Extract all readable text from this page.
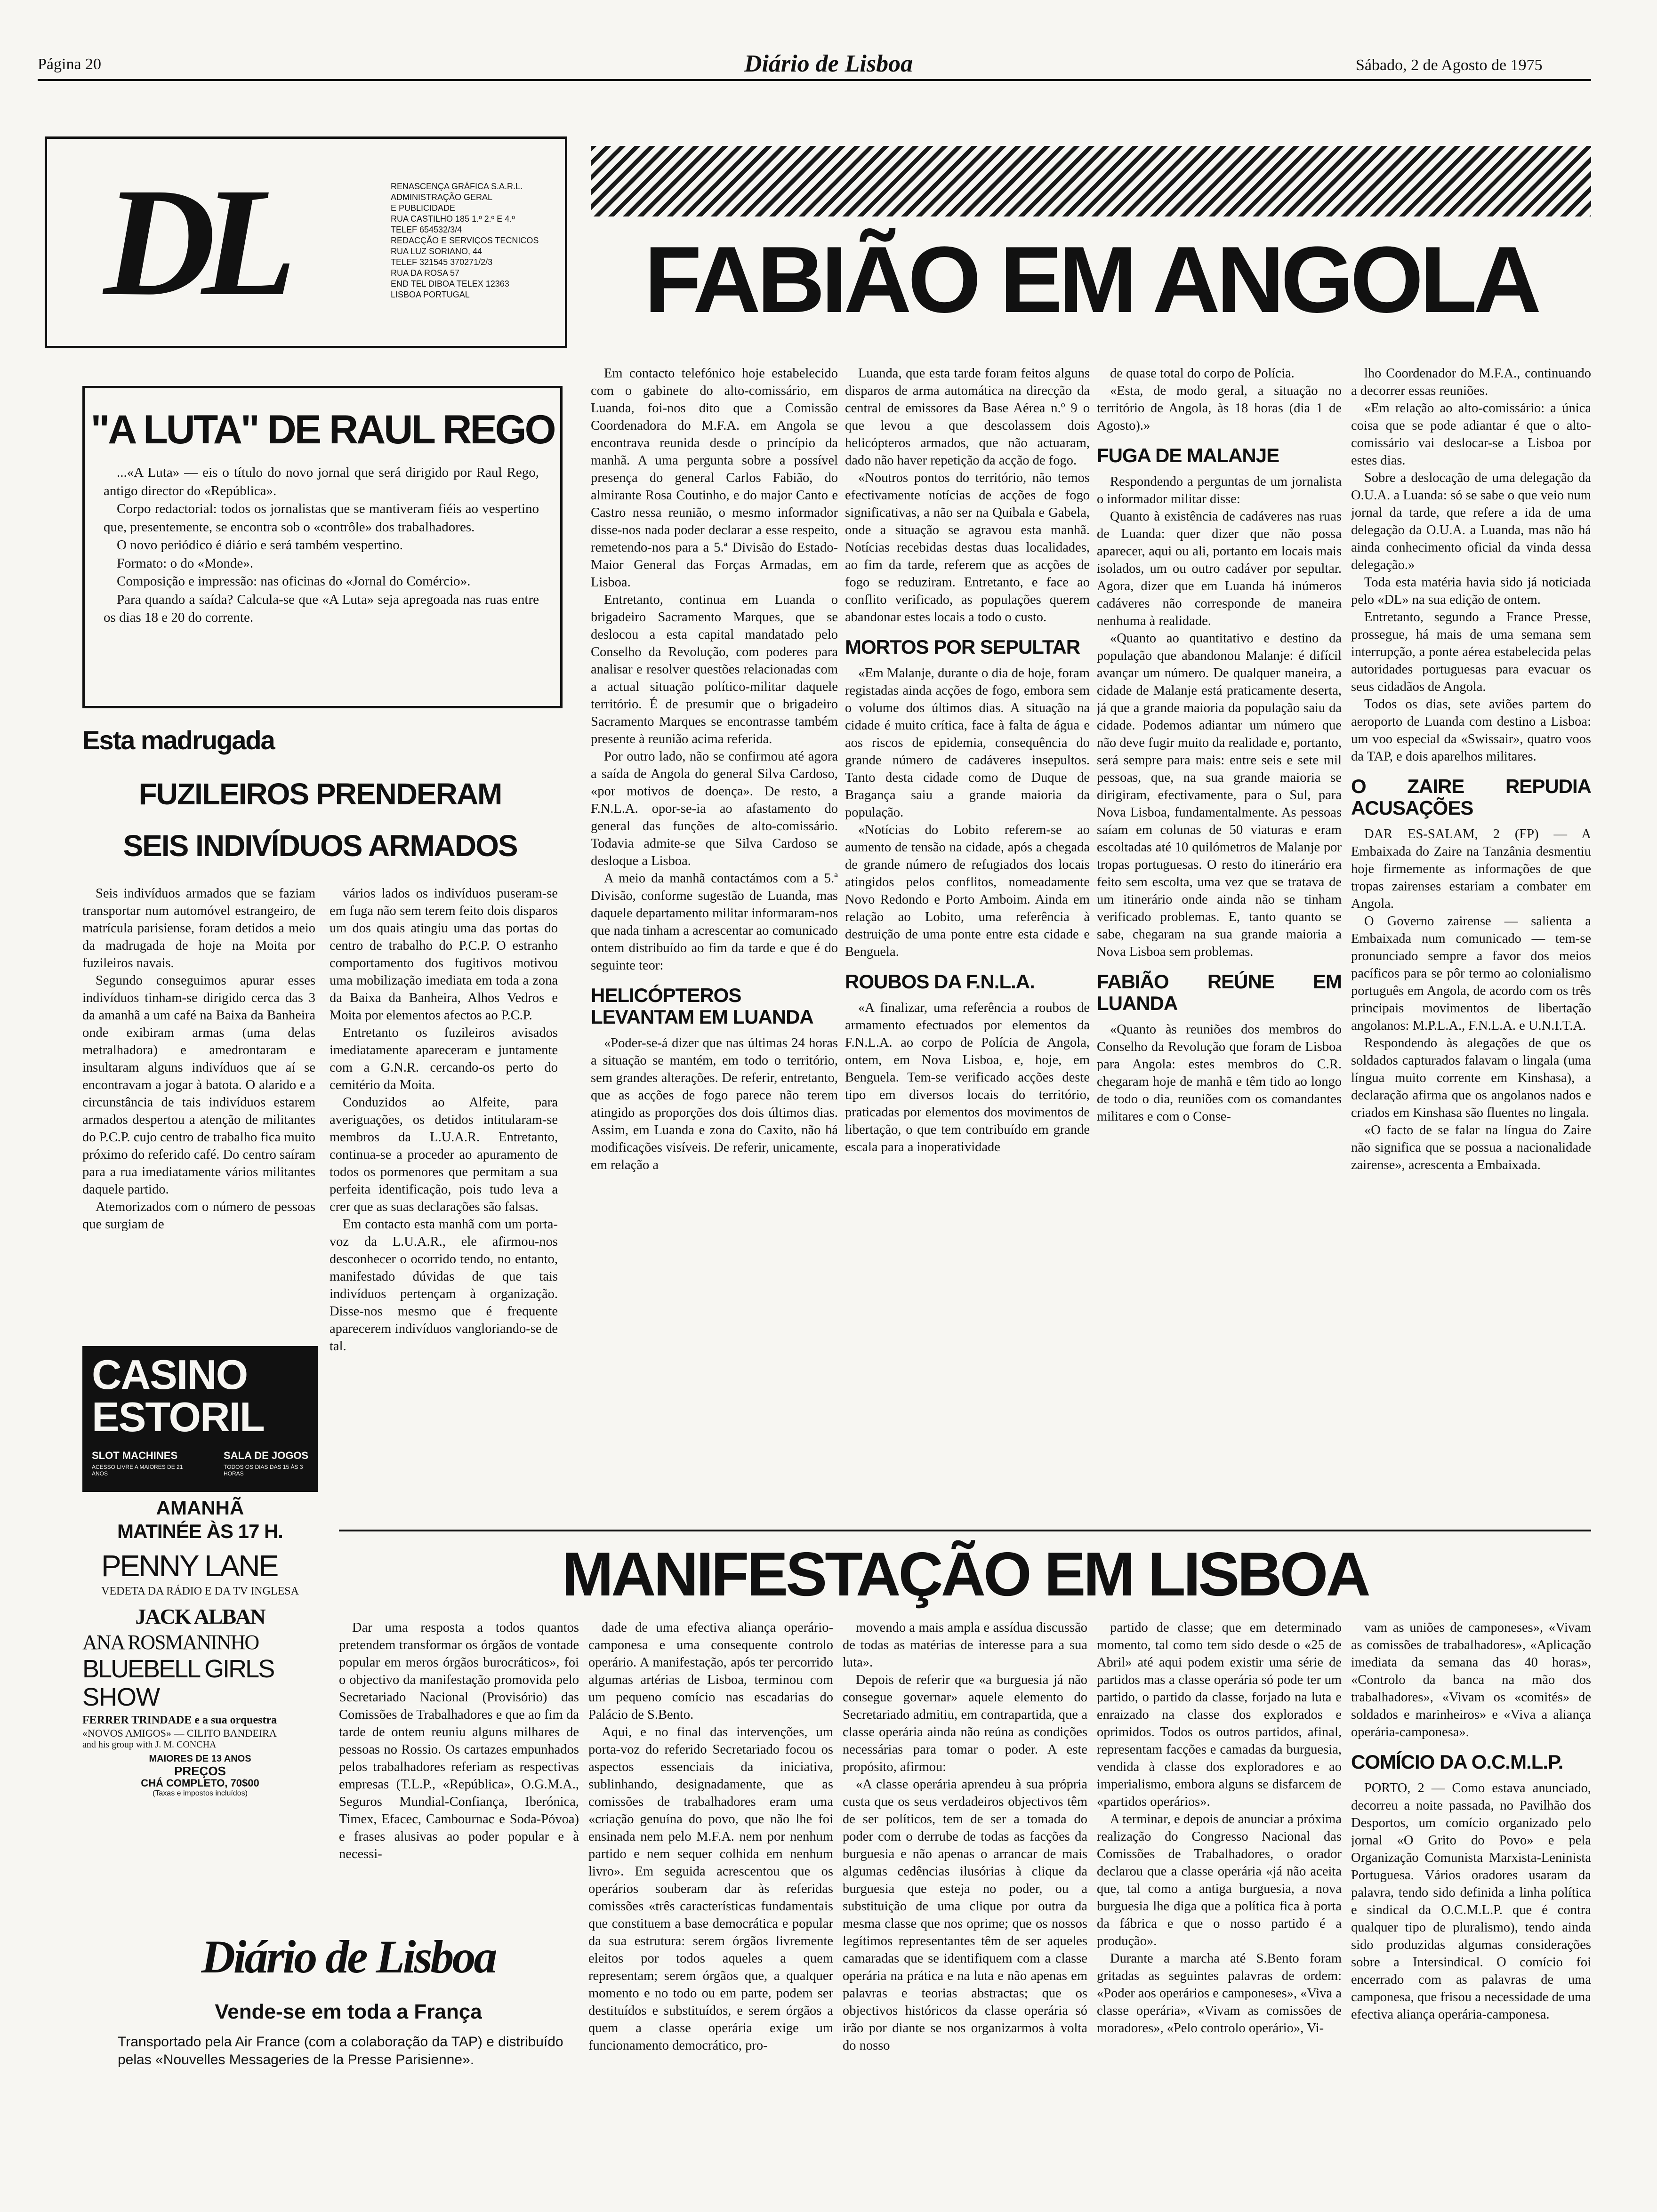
Página 20	Diário de Lisboa	Sábado, 2 de Agosto de 1975
DL	RENASCENÇA GRÁFICA S.A.R.L.
ADMINISTRAÇÃO GERAL
E PUBLICIDADE
RUA CASTILHO 185 1.º 2.º E 4.º
TELEF 654532/3/4
REDACÇÃO E SERVIÇOS TECNICOS
RUA LUZ SORIANO, 44
TELEF 321545 370271/2/3
RUA DA ROSA 57
END TEL DIBOA TELEX 12363
LISBOA PORTUGAL
"A LUTA" DE RAUL REGO

...«A Luta» — eis o título do novo jornal que será dirigido por Raul Rego, antigo director do «República».

Corpo redactorial: todos os jornalistas que se mantiveram fiéis ao vespertino que, presentemente, se encontra sob o «contrôle» dos trabalhadores.

O novo periódico é diário e será também vespertino.

Formato: o do «Monde».

Composição e impressão: nas oficinas do «Jornal do Comércio».

Para quando a saída? Calcula-se que «A Luta» seja apregoada nas ruas entre os dias 18 e 20 do corrente.

Esta madrugada
FUZILEIROS PRENDERAM
SEIS INDIVÍDUOS ARMADOS

Seis indivíduos armados que se faziam transportar num automóvel estrangeiro, de matrícula parisiense, foram detidos a meio da madrugada de hoje na Moita por fuzileiros navais.

Segundo conseguimos apurar esses indivíduos tinham-se dirigido cerca das 3 da amanhã a um café na Baixa da Banheira onde exibiram armas (uma delas metralhadora) e amedrontaram e insultaram alguns indivíduos que aí se encontravam a jogar à batota. O alarido e a circunstância de tais indivíduos estarem armados despertou a atenção de militantes do P.C.P. cujo centro de trabalho fica muito próximo do referido café. Do centro saíram para a rua imediatamente vários militantes daquele partido.

Atemorizados com o número de pessoas que surgiam de

vários lados os indivíduos puseram-se em fuga não sem terem feito dois disparos um dos quais atingiu uma das portas do centro de trabalho do P.C.P. O estranho comportamento dos fugitivos motivou uma mobilização imediata em toda a zona da Baixa da Banheira, Alhos Vedros e Moita por elementos afectos ao P.C.P.

Entretanto os fuzileiros avisados imediatamente apareceram e juntamente com a G.N.R. cercando-os perto do cemitério da Moita.

Conduzidos ao Alfeite, para averiguações, os detidos intitularam-se membros da L.U.A.R. Entretanto, continua-se a proceder ao apuramento de todos os pormenores que permitam a sua perfeita identificação, pois tudo leva a crer que as suas declarações são falsas.

Em contacto esta manhã com um porta-voz da L.U.A.R., ele afirmou-nos desconhecer o ocorrido tendo, no entanto, manifestado dúvidas de que tais indivíduos pertençam à organização. Disse-nos mesmo que é frequente aparecerem indivíduos vangloriando-se de tal.

CASINO
ESTORIL
SLOT MACHINES
ACESSO LIVRE A MAIORES DE 21 ANOS
SALA DE JOGOS
TODOS OS DIAS DAS 15 ÀS 3 HORAS
AMANHÃ
MATINÉE ÀS 17 H.
PENNY LANE
VEDETA DA RÁDIO E DA TV INGLESA
JACK ALBAN
ANA ROSMANINHO
BLUEBELL GIRLS
SHOW
FERRER TRINDADE e a sua orquestra
«NOVOS AMIGOS» — CILITO BANDEIRA
and his group with J. M. CONCHA
MAIORES DE 13 ANOS
PREÇOS
CHÁ COMPLETO, 70$00
(Taxas e impostos incluídos)
Diário de Lisboa
Vende-se em toda a França
Transportado pela Air France (com a colaboração da TAP) e distribuído pelas «Nouvelles Messageries de la Presse Parisienne».
FABIÃO EM ANGOLA

Em contacto telefónico hoje estabelecido com o gabinete do alto-comissário, em Luanda, foi-nos dito que a Comissão Coordenadora do M.F.A. em Angola se encontrava reunida desde o princípio da manhã. A uma pergunta sobre a possível presença do general Carlos Fabião, do almirante Rosa Coutinho, e do major Canto e Castro nessa reunião, o mesmo informador disse-nos nada poder declarar a esse respeito, remetendo-nos para a 5.ª Divisão do Estado-Maior General das Forças Armadas, em Lisboa.

Entretanto, continua em Luanda o brigadeiro Sacramento Marques, que se deslocou a esta capital mandatado pelo Conselho da Revolução, com poderes para analisar e resolver questões relacionadas com a actual situação político-militar daquele território. É de presumir que o brigadeiro Sacramento Marques se encontrasse também presente à reunião acima referida.

Por outro lado, não se confirmou até agora a saída de Angola do general Silva Cardoso, «por motivos de doença». De resto, a F.N.L.A. opor-se-ia ao afastamento do general das funções de alto-comissário. Todavia admite-se que Silva Cardoso se desloque a Lisboa.

A meio da manhã contactámos com a 5.ª Divisão, conforme sugestão de Luanda, mas daquele departamento militar informaram-nos que nada tinham a acrescentar ao comunicado ontem distribuído ao fim da tarde e que é do seguinte teor:

HELICÓPTEROS LEVANTAM EM LUANDA

«Poder-se-á dizer que nas últimas 24 horas a situação se mantém, em todo o território, sem grandes alterações. De referir, entretanto, que as acções de fogo parece não terem atingido as proporções dos dois últimos dias. Assim, em Luanda e zona do Caxito, não há modificações visíveis. De referir, unicamente, em relação a

Luanda, que esta tarde foram feitos alguns disparos de arma automática na direcção da central de emissores da Base Aérea n.º 9 o que levou a que descolassem dois helicópteros armados, que não actuaram, dado não haver repetição da acção de fogo.

«Noutros pontos do território, não temos efectivamente notícias de acções de fogo significativas, a não ser na Quibala e Gabela, onde a situação se agravou esta manhã. Notícias recebidas destas duas localidades, ao fim da tarde, referem que as acções de fogo se reduziram. Entretanto, e face ao conflito verificado, as populações querem abandonar estes locais a todo o custo.

MORTOS POR SEPULTAR

«Em Malanje, durante o dia de hoje, foram registadas ainda acções de fogo, embora sem o volume dos últimos dias. A situação na cidade é muito crítica, face à falta de água e aos riscos de epidemia, consequência do grande número de cadáveres insepultos. Tanto desta cidade como de Duque de Bragança saiu a grande maioria da população.

«Notícias do Lobito referem-se ao aumento de tensão na cidade, após a chegada de grande número de refugiados dos locais atingidos pelos conflitos, nomeadamente Novo Redondo e Porto Amboim. Ainda em relação ao Lobito, uma referência à destruição de uma ponte entre esta cidade e Benguela.

ROUBOS DA F.N.L.A.

«A finalizar, uma referência a roubos de armamento efectuados por elementos da F.N.L.A. ao corpo de Polícia de Angola, ontem, em Nova Lisboa, e, hoje, em Benguela. Tem-se verificado acções deste tipo em diversos locais do território, praticadas por elementos dos movimentos de libertação, o que tem contribuído em grande escala para a inoperatividade

de quase total do corpo de Polícia.

«Esta, de modo geral, a situação no território de Angola, às 18 horas (dia 1 de Agosto).»

FUGA DE MALANJE

Respondendo a perguntas de um jornalista o informador militar disse:

Quanto à existência de cadáveres nas ruas de Luanda: quer dizer que não possa aparecer, aqui ou ali, portanto em locais mais isolados, um ou outro cadáver por sepultar. Agora, dizer que em Luanda há inúmeros cadáveres não corresponde de maneira nenhuma à realidade.

«Quanto ao quantitativo e destino da população que abandonou Malanje: é difícil avançar um número. De qualquer maneira, a cidade de Malanje está praticamente deserta, já que a grande maioria da população saiu da cidade. Podemos adiantar um número que não deve fugir muito da realidade e, portanto, será sempre para mais: entre seis e sete mil pessoas, que, na sua grande maioria se dirigiram, efectivamente, para o Sul, para Nova Lisboa, fundamentalmente. As pessoas saíam em colunas de 50 viaturas e eram escoltadas até 10 quilómetros de Malanje por tropas portuguesas. O resto do itinerário era feito sem escolta, uma vez que se tratava de um itinerário onde ainda não se tinham verificado problemas. E, tanto quanto se sabe, chegaram na sua grande maioria a Nova Lisboa sem problemas.

FABIÃO REÚNE EM LUANDA

«Quanto às reuniões dos membros do Conselho da Revolução que foram de Lisboa para Angola: estes membros do C.R. chegaram hoje de manhã e têm tido ao longo de todo o dia, reuniões com os comandantes militares e com o Conse-

lho Coordenador do M.F.A., continuando a decorrer essas reuniões.

«Em relação ao alto-comissário: a única coisa que se pode adiantar é que o alto-comissário vai deslocar-se a Lisboa por estes dias.

Sobre a deslocação de uma delegação da O.U.A. a Luanda: só se sabe o que veio num jornal da tarde, que refere a ida de uma delegação da O.U.A. a Luanda, mas não há ainda conhecimento oficial da vinda dessa delegação.»

Toda esta matéria havia sido já noticiada pelo «DL» na sua edição de ontem.

Entretanto, segundo a France Presse, prossegue, há mais de uma semana sem interrupção, a ponte aérea estabelecida pelas autoridades portuguesas para evacuar os seus cidadãos de Angola.

Todos os dias, sete aviões partem do aeroporto de Luanda com destino a Lisboa: um voo especial da «Swissair», quatro voos da TAP, e dois aparelhos militares.

O ZAIRE REPUDIA ACUSAÇÕES

DAR ES-SALAM, 2 (FP) — A Embaixada do Zaire na Tanzânia desmentiu hoje firmemente as informações de que tropas zairenses estariam a combater em Angola.

O Governo zairense — salienta a Embaixada num comunicado — tem-se pronunciado sempre a favor dos meios pacíficos para se pôr termo ao colonialismo português em Angola, de acordo com os três principais movimentos de libertação angolanos: M.P.L.A., F.N.L.A. e U.N.I.T.A.

Respondendo às alegações de que os soldados capturados falavam o lingala (uma língua muito corrente em Kinshasa), a declaração afirma que os angolanos nados e criados em Kinshasa são fluentes no lingala.

«O facto de se falar na língua do Zaire não significa que se possua a nacionalidade zairense», acrescenta a Embaixada.

MANIFESTAÇÃO EM LISBOA

Dar uma resposta a todos quantos pretendem transformar os órgãos de vontade popular em meros órgãos burocráticos», foi o objectivo da manifestação promovida pelo Secretariado Nacional (Provisório) das Comissões de Trabalhadores e que ao fim da tarde de ontem reuniu alguns milhares de pessoas no Rossio. Os cartazes empunhados pelos trabalhadores referiam as respectivas empresas (T.L.P., «República», O.G.M.A., Seguros Mundial-Confiança, Iberónica, Timex, Efacec, Cambournac e Soda-Póvoa) e frases alusivas ao poder popular e à necessi-

dade de uma efectiva aliança operário-camponesa e uma consequente controlo operário. A manifestação, após ter percorrido algumas artérias de Lisboa, terminou com um pequeno comício nas escadarias do Palácio de S.Bento.

Aqui, e no final das intervenções, um porta-voz do referido Secretariado focou os aspectos essenciais da iniciativa, sublinhando, designadamente, que as comissões de trabalhadores eram uma «criação genuína do povo, que não lhe foi ensinada nem pelo M.F.A. nem por nenhum partido e nem sequer colhida em nenhum livro». Em seguida acrescentou que os operários souberam dar às referidas comissões «três características fundamentais que constituem a base democrática e popular da sua estrutura: serem órgãos livremente eleitos por todos aqueles a quem representam; serem órgãos que, a qualquer momento e no todo ou em parte, podem ser destituídos e substituídos, e serem órgãos a quem a classe operária exige um funcionamento democrático, pro-

movendo a mais ampla e assídua discussão de todas as matérias de interesse para a sua luta».

Depois de referir que «a burguesia já não consegue governar» aquele elemento do Secretariado admitiu, em contrapartida, que a classe operária ainda não reúna as condições necessárias para tomar o poder. A este propósito, afirmou:

«A classe operária aprendeu à sua própria custa que os seus verdadeiros objectivos têm de ser políticos, tem de ser a tomada do poder com o derrube de todas as facções da burguesia e não apenas o arrancar de mais algumas cedências ilusórias à clique da burguesia que esteja no poder, ou a substituição de uma clique por outra da mesma classe que nos oprime; que os nossos legítimos representantes têm de ser aqueles camaradas que se identifiquem com a classe operária na prática e na luta e não apenas em palavras e teorias abstractas; que os objectivos históricos da classe operária só irão por diante se nos organizarmos à volta do nosso

partido de classe; que em determinado momento, tal como tem sido desde o «25 de Abril» até aqui podem existir uma série de partidos mas a classe operária só pode ter um partido, o partido da classe, forjado na luta e enraizado na classe dos explorados e oprimidos. Todos os outros partidos, afinal, representam facções e camadas da burguesia, vendida à classe dos exploradores e ao imperialismo, embora alguns se disfarcem de «partidos operários».

A terminar, e depois de anunciar a próxima realização do Congresso Nacional das Comissões de Trabalhadores, o orador declarou que a classe operária «já não aceita que, tal como a antiga burguesia, a nova burguesia lhe diga que a política fica à porta da fábrica e que o nosso partido é a produção».

Durante a marcha até S.Bento foram gritadas as seguintes palavras de ordem: «Poder aos operários e camponeses», «Viva a classe operária», «Vivam as comissões de moradores», «Pelo controlo operário», Vi-

vam as uniões de camponeses», «Vivam as comissões de trabalhadores», «Aplicação imediata da semana das 40 horas», «Controlo da banca na mão dos trabalhadores», «Vivam os «comités» de soldados e marinheiros» e «Viva a aliança operária-camponesa».

COMÍCIO DA O.C.M.L.P.

PORTO, 2 — Como estava anunciado, decorreu a noite passada, no Pavilhão dos Desportos, um comício organizado pelo jornal «O Grito do Povo» e pela Organização Comunista Marxista-Leninista Portuguesa. Vários oradores usaram da palavra, tendo sido definida a linha política e sindical da O.C.M.L.P. que é contra qualquer tipo de pluralismo), tendo ainda sido produzidas algumas considerações sobre a Intersindical. O comício foi encerrado com as palavras de uma camponesa, que frisou a necessidade de uma efectiva aliança operária-camponesa.
